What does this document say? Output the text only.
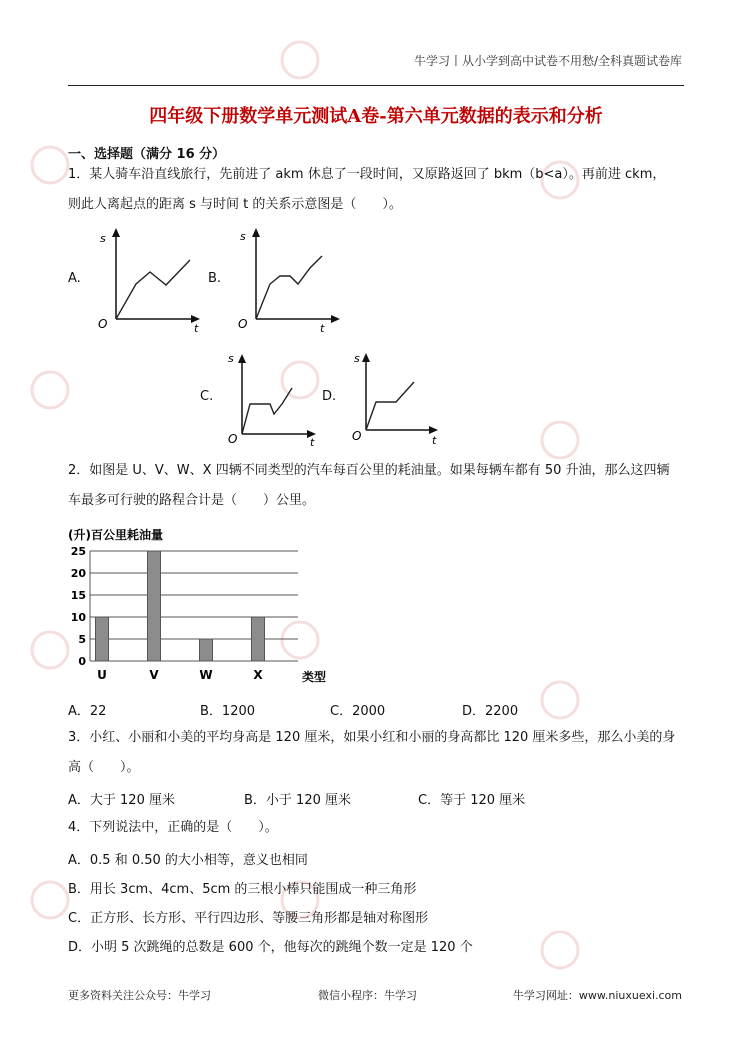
牛学习丨从小学到高中试卷不用愁/全科真题试卷库
四年级下册数学单元测试A卷-第六单元数据的表示和分析
一、选择题（满分 16 分）
1．某人骑车沿直线旅行，先前进了 akm 休息了一段时间，又原路返回了 bkm（b<a）。再前进 ckm，
则此人离起点的距离 s 与时间 t 的关系示意图是（　　）。
A.	B.
C.	D.
s
O	t
s
O	t
s
O	t
s
O	t
2．如图是 U、V、W、X 四辆不同类型的汽车每百公里的耗油量。如果每辆车都有 50 升油，那么这四辆
车最多可行驶的路程合计是（　　）公里。
(升)百公里耗油量
0
5
10
15
20
25
U	V	W	X	类型
A．22	B．1200	C．2000	D．2200
3．小红、小丽和小美的平均身高是 120 厘米，如果小红和小丽的身高都比 120 厘米多些，那么小美的身
高（　　）。
A．大于 120 厘米	B．小于 120 厘米	C．等于 120 厘米
4．下列说法中，正确的是（　　）。
A．0.5 和 0.50 的大小相等，意义也相同
B．用长 3cm、4cm、5cm 的三根小棒只能围成一种三角形
C．正方形、长方形、平行四边形、等腰三角形都是轴对称图形
D．小明 5 次跳绳的总数是 600 个，他每次的跳绳个数一定是 120 个
更多资料关注公众号：牛学习	微信小程序：牛学习	牛学习网址：www.niuxuexi.com
